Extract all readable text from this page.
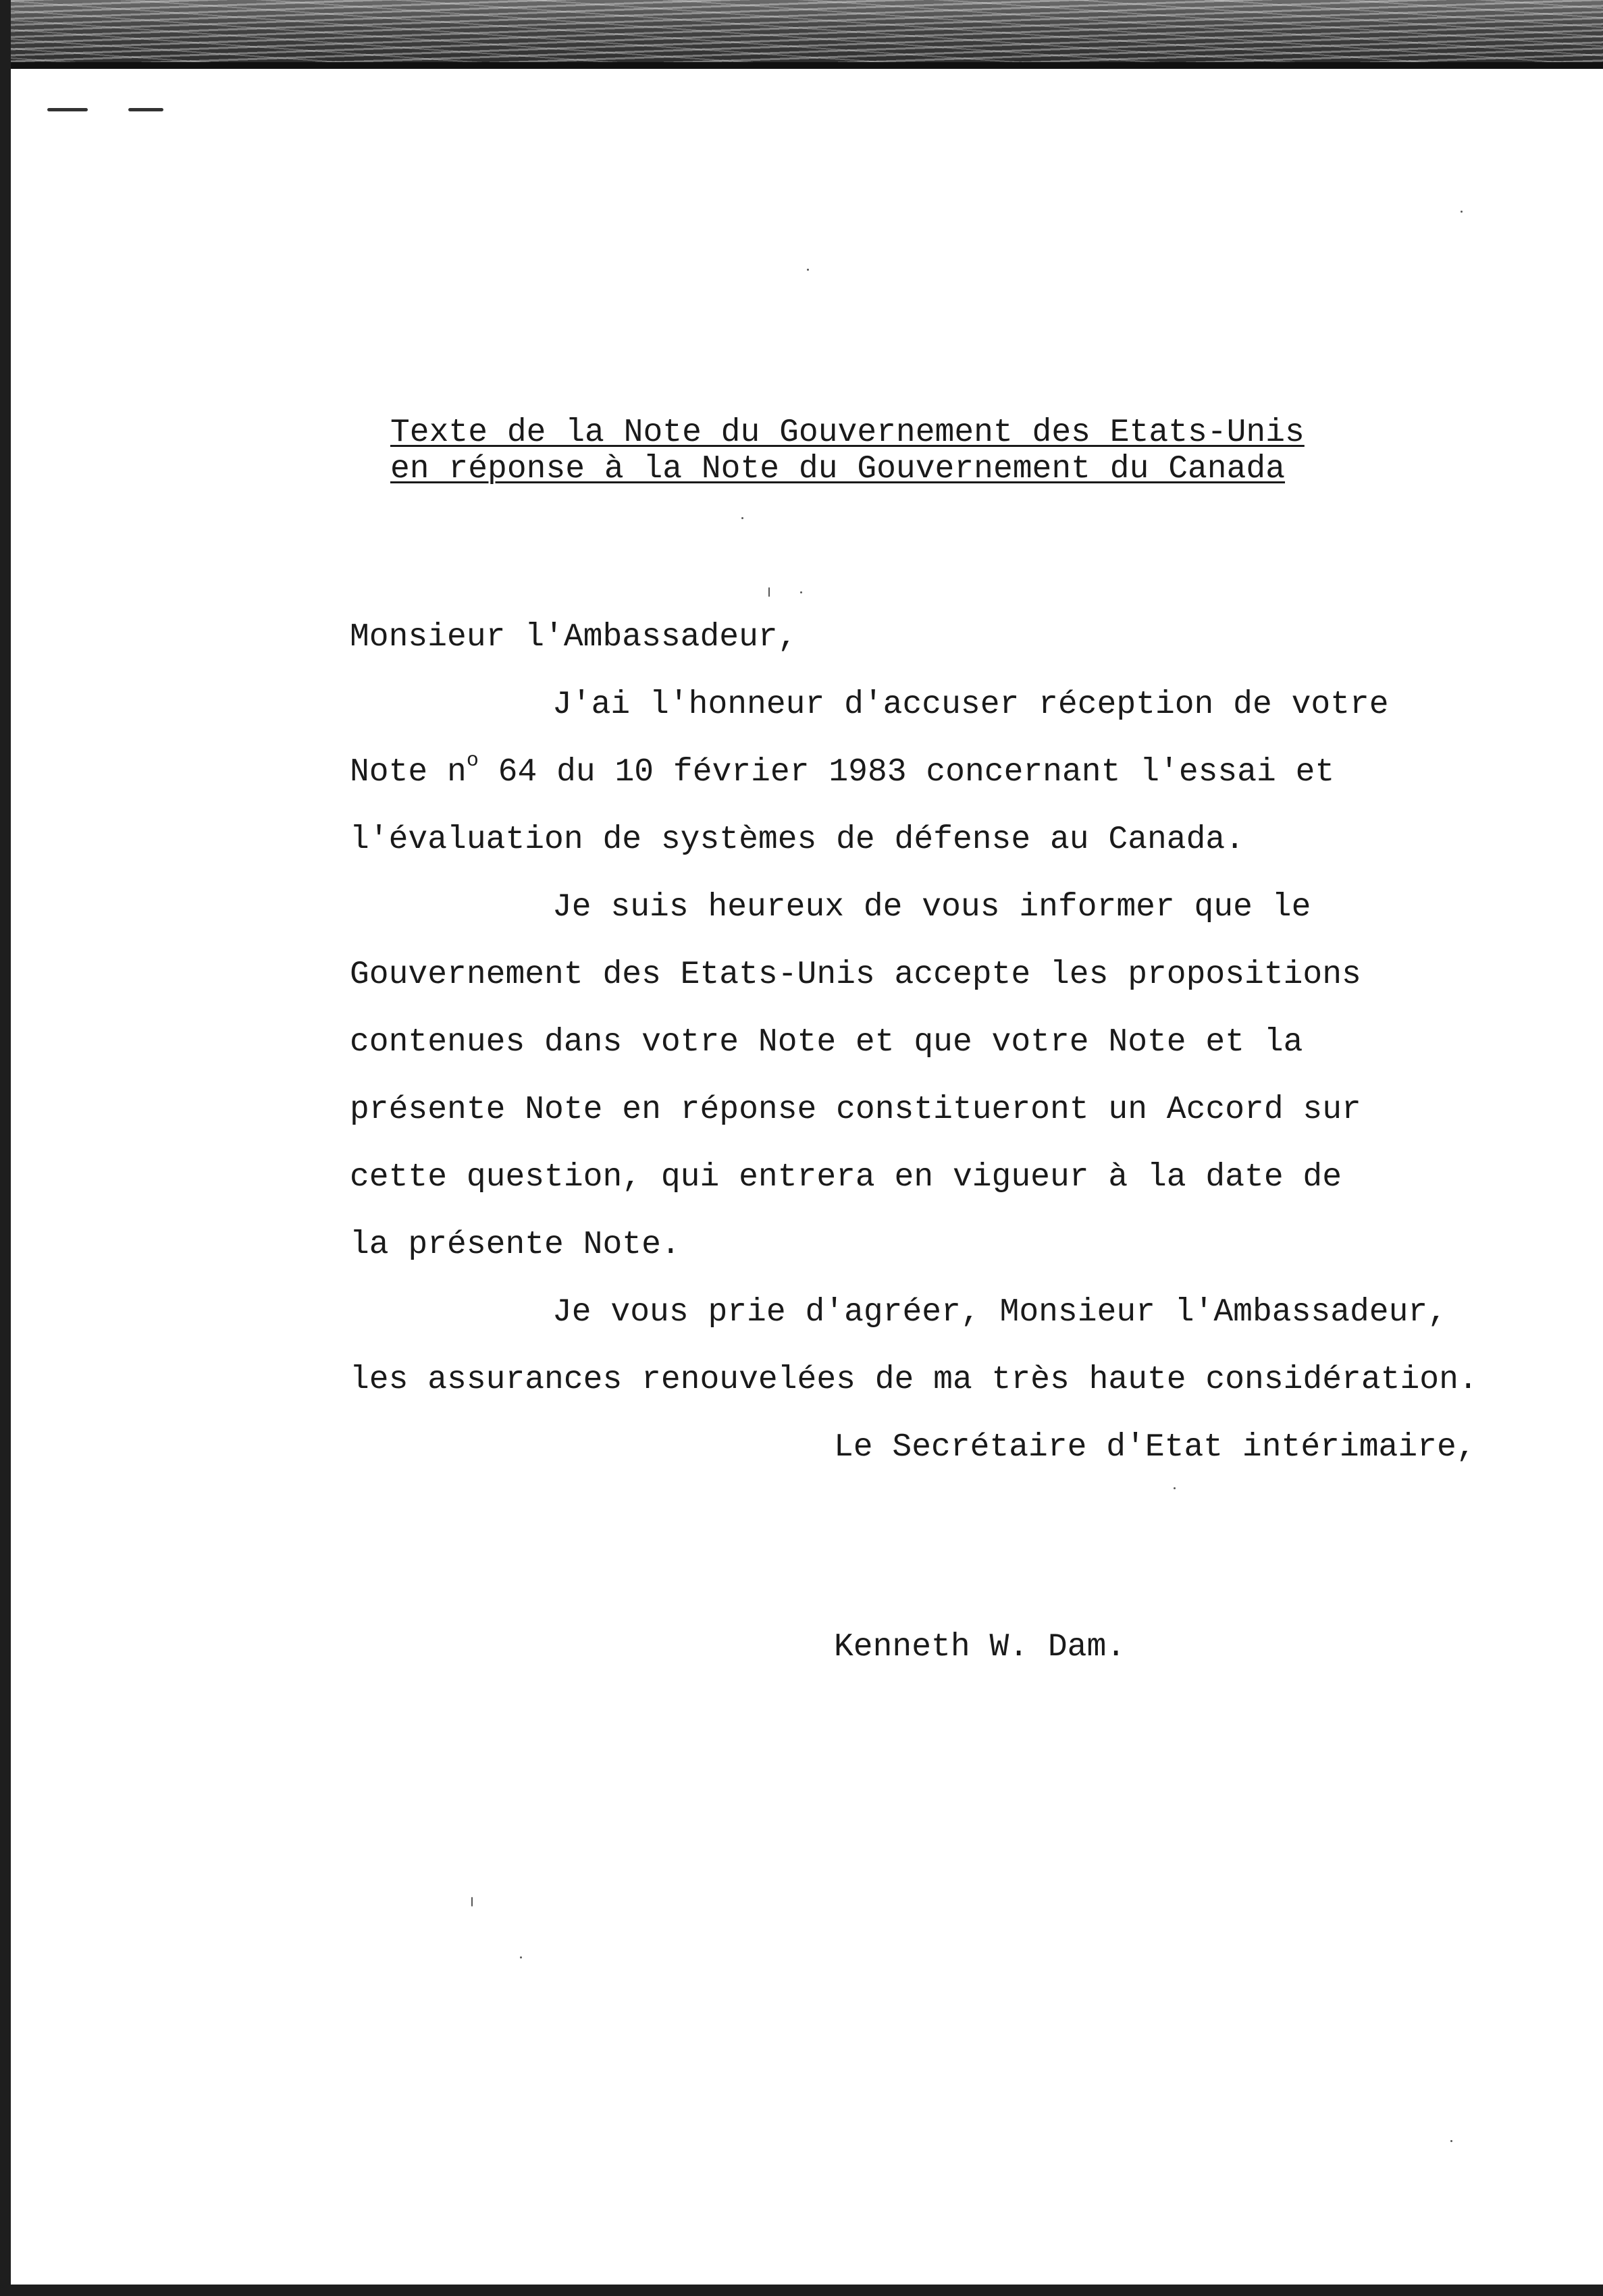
Texte de la Note du Gouvernement des Etats-Unis
en réponse à la Note du Gouvernement du Canada
Monsieur l'Ambassadeur,
J'ai l'honneur d'accuser réception de votre
Note $n^o$ 64 du 10 février 1983 concernant l'essai et
l'évaluation de systèmes de défense au Canada.
Je suis heureux de vous informer que le
Gouvernement des Etats-Unis accepte les propositions
contenues dans votre Note et que votre Note et la
présente Note en réponse constitueront un Accord sur
cette question, qui entrera en vigueur à la date de
la présente Note.
Je vous prie d'agréer, Monsieur l'Ambassadeur,
les assurances renouvelées de ma très haute considération.
Le Secrétaire d'Etat intérimaire,
Kenneth W. Dam.
